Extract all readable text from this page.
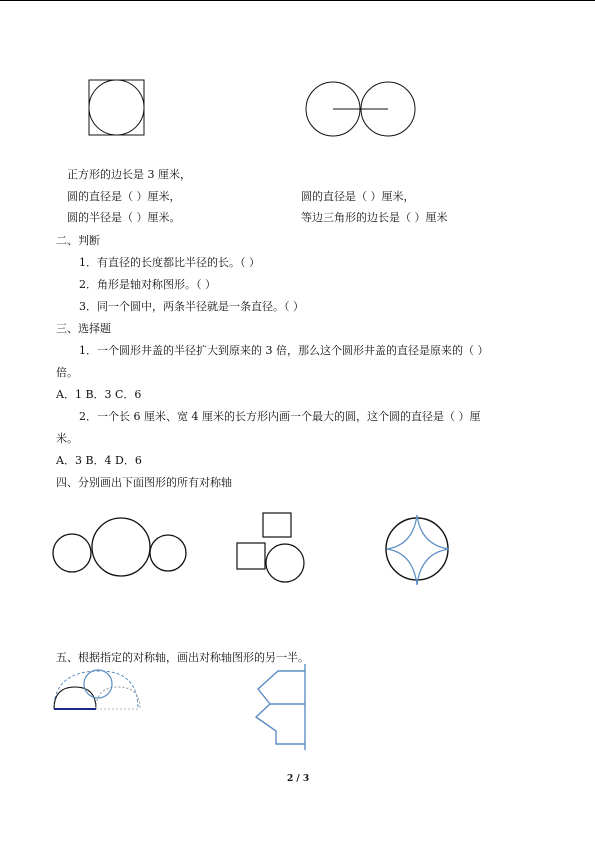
正方形的边长是 3 厘米，
圆的直径是（ ）厘米，	圆的直径是（ ）厘米，
圆的半径是（ ）厘米。	等边三角形的边长是（ ）厘米
二、判断
1．有直径的长度都比半径的长。（ ）
2．角形是轴对称图形。（ ）
3．同一个圆中，两条半径就是一条直径。（ ）
三、选择题
1．一个圆形井盖的半径扩大到原来的 3 倍，那么这个圆形井盖的直径是原来的（ ）
倍。
A．1 B．3 C．6
2．一个长 6 厘米、宽 4 厘米的长方形内画一个最大的圆，这个圆的直径是（ ）厘
米。
A．3 B．4 D．6
四、分别画出下面图形的所有对称轴
五、根据指定的对称轴，画出对称轴图形的另一半。
2 / 3
